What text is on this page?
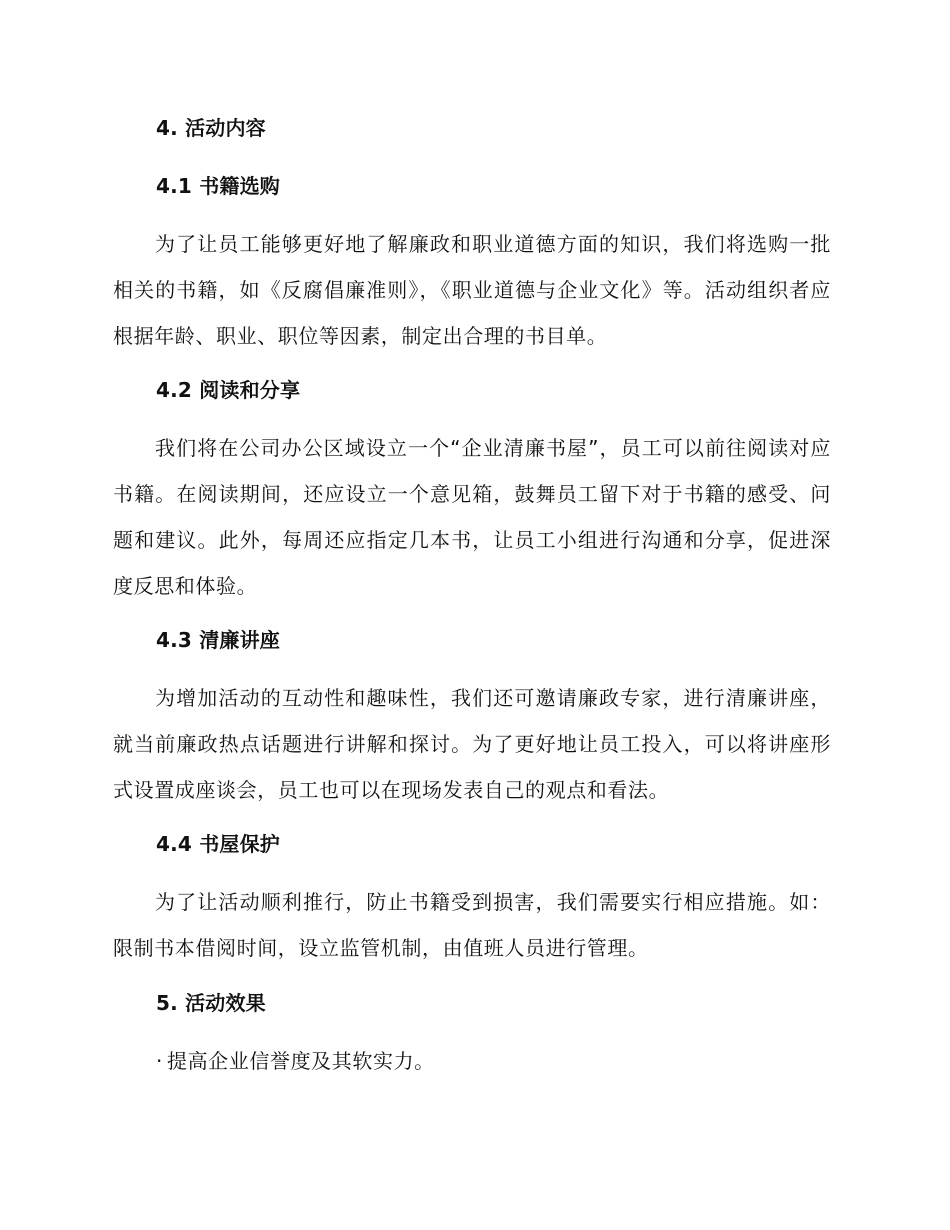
4. 活动内容
4.1 书籍选购
为了让员工能够更好地了解廉政和职业道德方面的知识，我们将选购一批相关的书籍，如《反腐倡廉准则》，《职业道德与企业文化》等。活动组织者应根据年龄、职业、职位等因素，制定出合理的书目单。
4.2 阅读和分享
我们将在公司办公区域设立一个“企业清廉书屋”，员工可以前往阅读对应书籍。在阅读期间，还应设立一个意见箱，鼓舞员工留下对于书籍的感受、问题和建议。此外，每周还应指定几本书，让员工小组进行沟通和分享，促进深度反思和体验。
4.3 清廉讲座
为增加活动的互动性和趣味性，我们还可邀请廉政专家，进行清廉讲座，就当前廉政热点话题进行讲解和探讨。为了更好地让员工投入，可以将讲座形式设置成座谈会，员工也可以在现场发表自己的观点和看法。
4.4 书屋保护
为了让活动顺利推行，防止书籍受到损害，我们需要实行相应措施。如：限制书本借阅时间，设立监管机制，由值班人员进行管理。
5. 活动效果
· 提高企业信誉度及其软实力。
